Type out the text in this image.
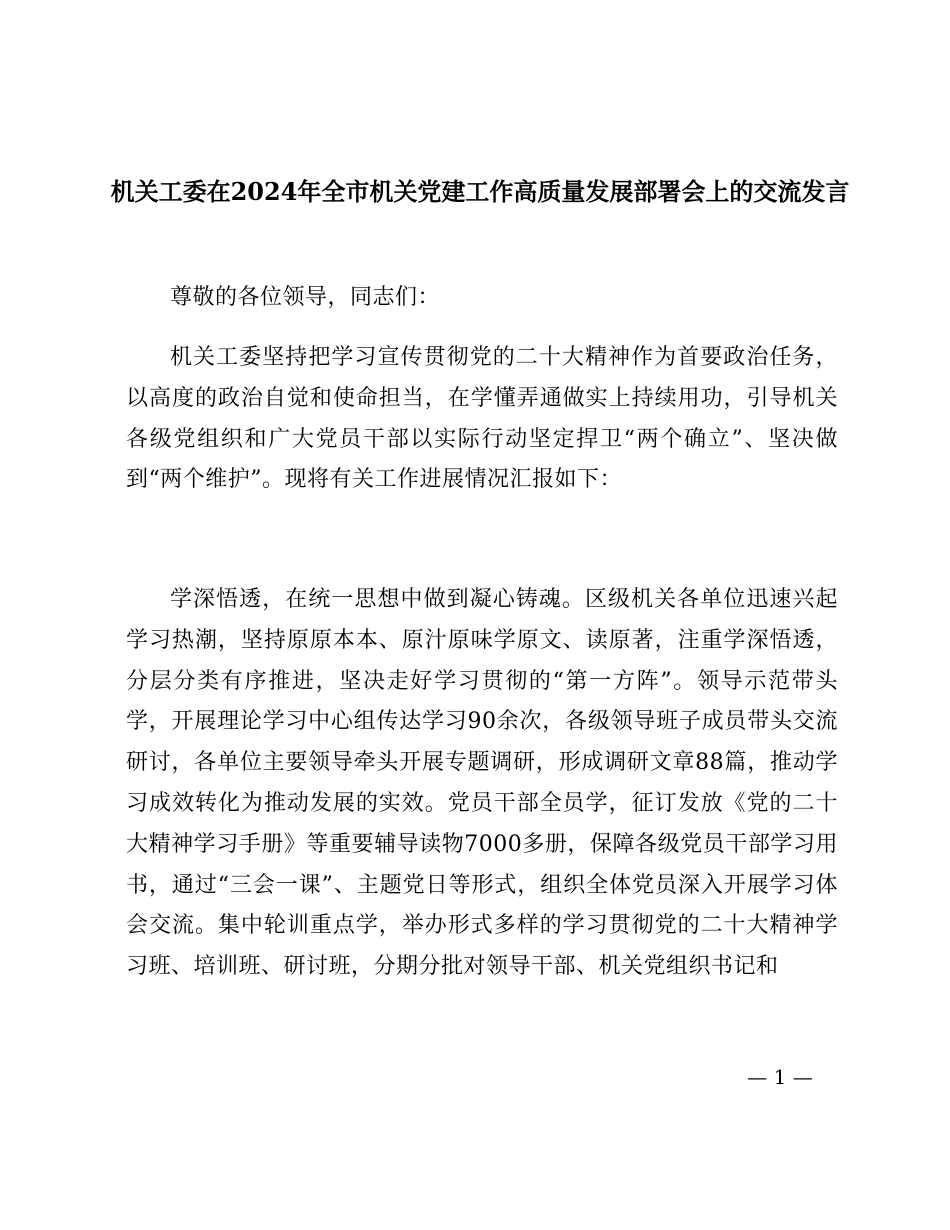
机关工委在2024年全市机关党建工作高质量发展部署会上的交流发言

尊敬的各位领导，同志们：

机关工委坚持把学习宣传贯彻党的二十大精神作为首要政治任务，以高度的政治自觉和使命担当，在学懂弄通做实上持续用功，引导机关各级党组织和广大党员干部以实际行动坚定捍卫“两个确立”、坚决做到“两个维护”。现将有关工作进展情况汇报如下：

学深悟透，在统一思想中做到凝心铸魂。区级机关各单位迅速兴起学习热潮，坚持原原本本、原汁原味学原文、读原著，注重学深悟透，分层分类有序推进，坚决走好学习贯彻的“第一方阵”。领导示范带头学，开展理论学习中心组传达学习90余次，各级领导班子成员带头交流研讨，各单位主要领导牵头开展专题调研，形成调研文章88篇，推动学习成效转化为推动发展的实效。党员干部全员学，征订发放《党的二十大精神学习手册》等重要辅导读物7000多册，保障各级党员干部学习用书，通过“三会一课”、主题党日等形式，组织全体党员深入开展学习体会交流。集中轮训重点学，举办形式多样的学习贯彻党的二十大精神学习班、培训班、研讨班，分期分批对领导干部、机关党组织书记和

— 1 —
